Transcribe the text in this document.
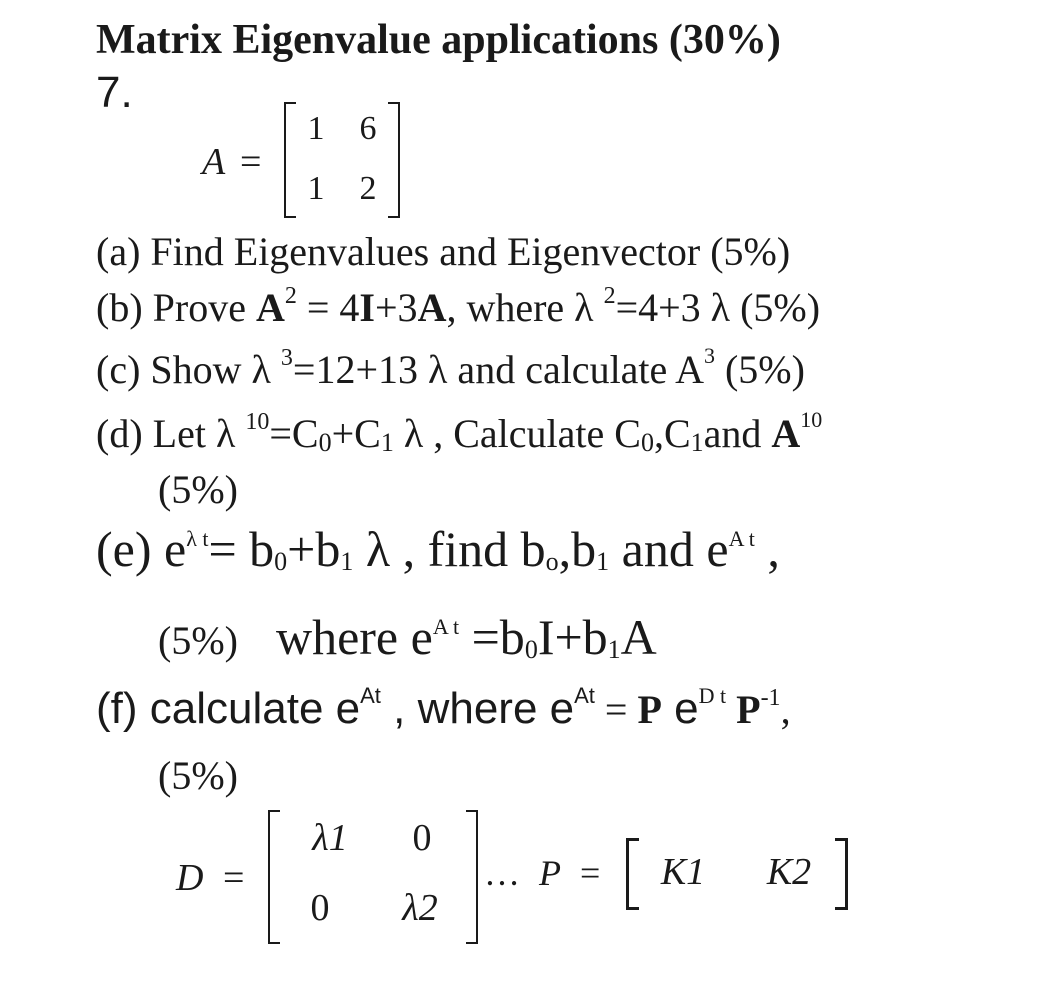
Matrix Eigenvalue applications (30%)
7.
A =
1	6
1	2
(a) Find Eigenvalues and Eigenvector (5%)
(b) Prove $A^2 = 4I+3A$, where λ $^2$=4+3 λ (5%)
(c) Show λ $^3$=12+13 λ and calculate $A^3$ (5%)
(d) Let λ $^{10}$=C0+C1 λ , Calculate C0,C1and $A^{10}$
(5%)
(e) $e^{\lambda t}= b0+b1$ λ , find bo,b1 and $e^{A t}$ ,
(5%) where $e^{A t} =b0I+b1A$
(f) calculate $e^{At}$ , where $e^{At} = P$ $e^{D t}$ $P^{-1}$,
(5%)
D =
λ1	0
0	λ2
… P =	K1	K2
